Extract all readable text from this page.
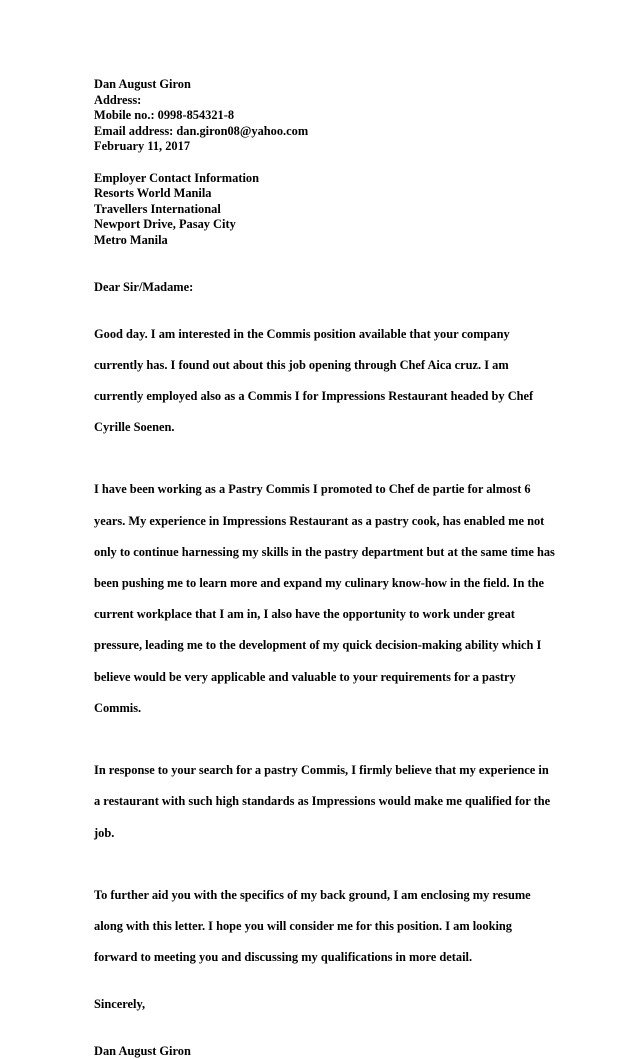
Dan August Giron
Address:
Mobile no.: 0998-854321-8
Email address: dan.giron08@yahoo.com
February 11, 2017
Employer Contact Information
Resorts World Manila
Travellers International
Newport Drive, Pasay City
Metro Manila
Dear Sir/Madame:

Good day. I am interested in the Commis position available that your company

currently has. I found out about this job opening through Chef Aica cruz. I am

currently employed also as a Commis I for Impressions Restaurant headed by Chef

Cyrille Soenen.

I have been working as a Pastry Commis I promoted to Chef de partie for almost 6

years. My experience in Impressions Restaurant as a pastry cook, has enabled me not

only to continue harnessing my skills in the pastry department but at the same time has

been pushing me to learn more and expand my culinary know-how in the field. In the

current workplace that I am in, I also have the opportunity to work under great

pressure, leading me to the development of my quick decision-making ability which I

believe would be very applicable and valuable to your requirements for a pastry

Commis.

In response to your search for a pastry Commis, I firmly believe that my experience in

a restaurant with such high standards as Impressions would make me qualified for the

job.

To further aid you with the specifics of my back ground, I am enclosing my resume

along with this letter. I hope you will consider me for this position. I am looking

forward to meeting you and discussing my qualifications in more detail.

Sincerely,
Dan August Giron
